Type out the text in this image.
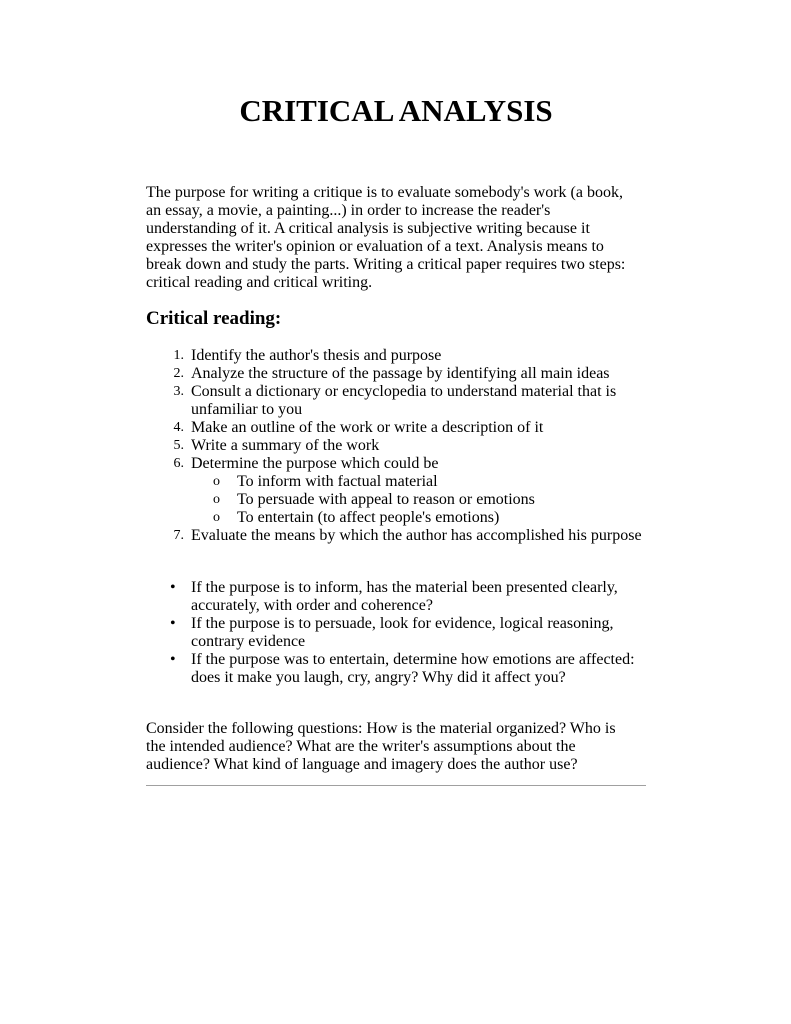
CRITICAL ANALYSIS

The purpose for writing a critique is to evaluate somebody's work (a book, an essay, a movie, a painting...) in order to increase the reader's understanding of it. A critical analysis is subjective writing because it expresses the writer's opinion or evaluation of a text. Analysis means to break down and study the parts. Writing a critical paper requires two steps: critical reading and critical writing.

Critical reading:
1. Identify the author's thesis and purpose
2. Analyze the structure of the passage by identifying all main ideas
3. Consult a dictionary or encyclopedia to understand material that is unfamiliar to you
4. Make an outline of the work or write a description of it
5. Write a summary of the work
6. Determine the purpose which could be
o To inform with factual material
o To persuade with appeal to reason or emotions
o To entertain (to affect people's emotions)
7. Evaluate the means by which the author has accomplished his purpose
• If the purpose is to inform, has the material been presented clearly, accurately, with order and coherence?
• If the purpose is to persuade, look for evidence, logical reasoning, contrary evidence
• If the purpose was to entertain, determine how emotions are affected: does it make you laugh, cry, angry? Why did it affect you?

Consider the following questions: How is the material organized? Who is the intended audience? What are the writer's assumptions about the audience? What kind of language and imagery does the author use?
